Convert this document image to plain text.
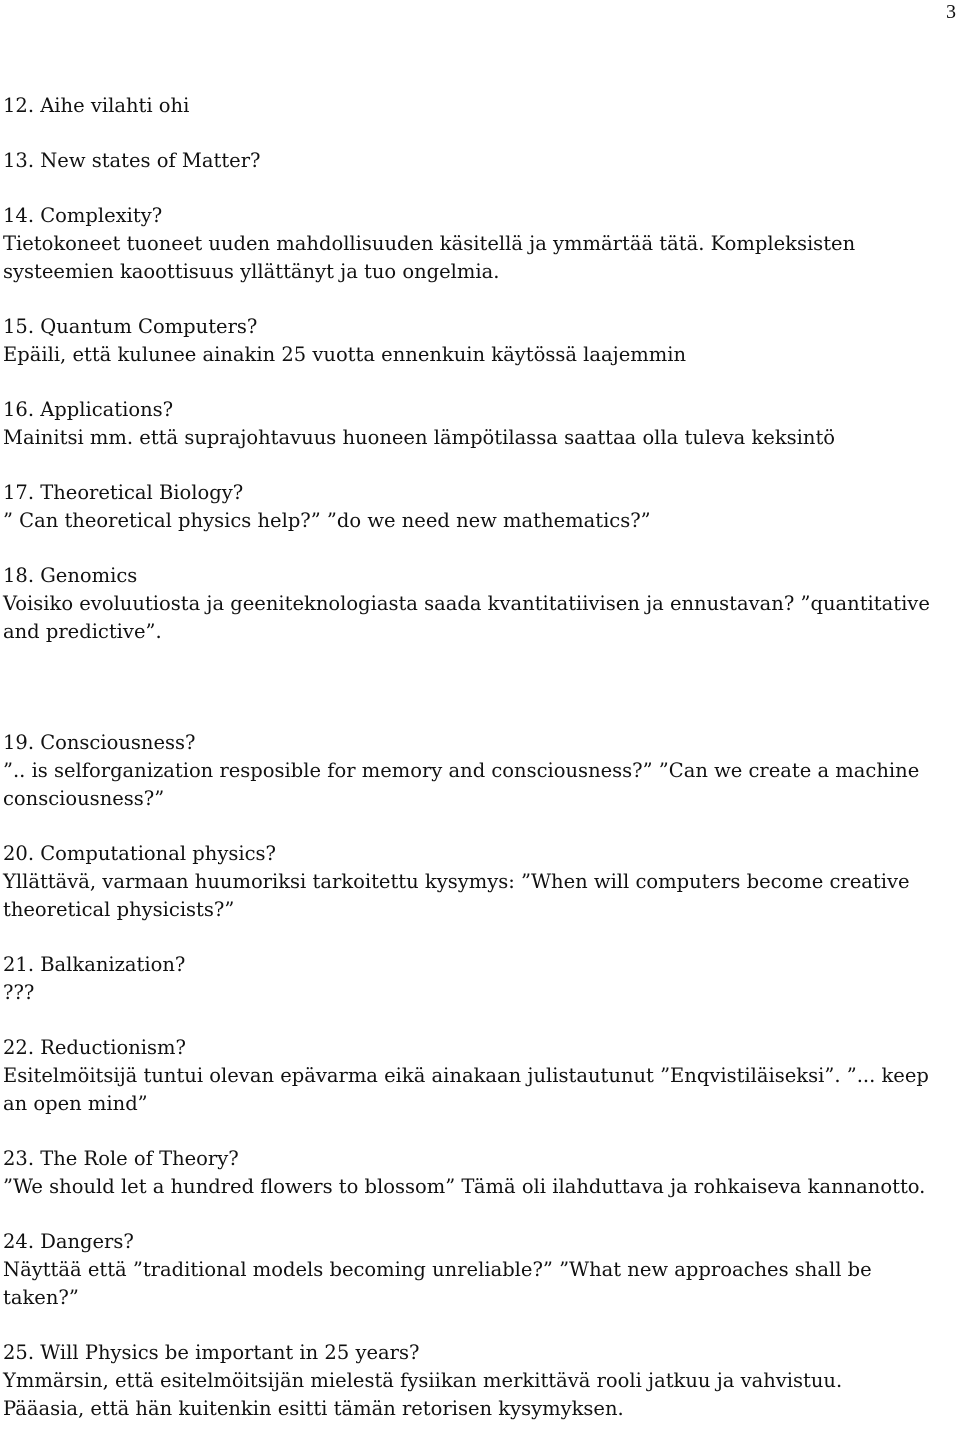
3

12. Aihe vilahti ohi

13. New states of Matter?

14. Complexity?

Tietokoneet tuoneet uuden mahdollisuuden käsitellä ja ymmärtää tätä. Kompleksisten

systeemien kaoottisuus yllättänyt ja tuo ongelmia.

15. Quantum Computers?

Epäili, että kulunee ainakin 25 vuotta ennenkuin käytössä laajemmin

16. Applications?

Mainitsi mm. että suprajohtavuus huoneen lämpötilassa saattaa olla tuleva keksintö

17. Theoretical Biology?

” Can theoretical physics help?” ”do we need new mathematics?”

18. Genomics

Voisiko evoluutiosta ja geeniteknologiasta saada kvantitatiivisen ja ennustavan? ”quantitative

and predictive”.

19. Consciousness?

”.. is selforganization resposible for memory and consciousness?” ”Can we create a machine

consciousness?”

20. Computational physics?

Yllättävä, varmaan huumoriksi tarkoitettu kysymys: ”When will computers become creative

theoretical physicists?”

21. Balkanization?

???

22. Reductionism?

Esitelmöitsijä tuntui olevan epävarma eikä ainakaan julistautunut ”Enqvistiläiseksi”. ”... keep

an open mind”

23. The Role of Theory?

”We should let a hundred flowers to blossom” Tämä oli ilahduttava ja rohkaiseva kannanotto.

24. Dangers?

Näyttää että ”traditional models becoming unreliable?” ”What new approaches shall be

taken?”

25. Will Physics be important in 25 years?

Ymmärsin, että esitelmöitsijän mielestä fysiikan merkittävä rooli jatkuu ja vahvistuu.

Pääasia, että hän kuitenkin esitti tämän retorisen kysymyksen.
